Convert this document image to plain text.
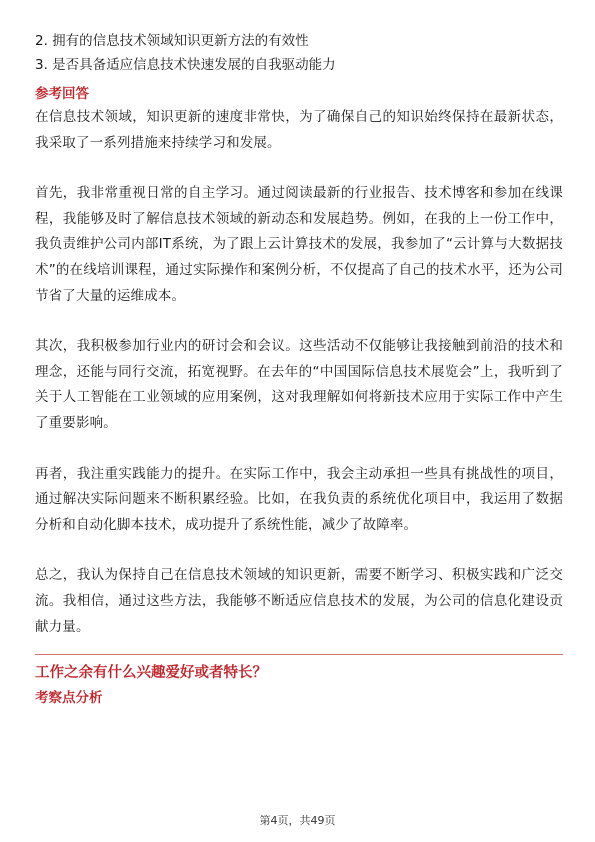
2. 拥有的信息技术领域知识更新方法的有效性

3. 是否具备适应信息技术快速发展的自我驱动能力

参考回答

在信息技术领域，知识更新的速度非常快，为了确保自己的知识始终保持在最新状态，我采取了一系列措施来持续学习和发展。

首先，我非常重视日常的自主学习。通过阅读最新的行业报告、技术博客和参加在线课程，我能够及时了解信息技术领域的新动态和发展趋势。例如，在我的上一份工作中，我负责维护公司内部IT系统，为了跟上云计算技术的发展，我参加了“云计算与大数据技术”的在线培训课程，通过实际操作和案例分析，不仅提高了自己的技术水平，还为公司节省了大量的运维成本。

其次，我积极参加行业内的研讨会和会议。这些活动不仅能够让我接触到前沿的技术和理念，还能与同行交流，拓宽视野。在去年的“中国国际信息技术展览会”上，我听到了关于人工智能在工业领域的应用案例，这对我理解如何将新技术应用于实际工作中产生了重要影响。

再者，我注重实践能力的提升。在实际工作中，我会主动承担一些具有挑战性的项目，通过解决实际问题来不断积累经验。比如，在我负责的系统优化项目中，我运用了数据分析和自动化脚本技术，成功提升了系统性能，减少了故障率。

总之，我认为保持自己在信息技术领域的知识更新，需要不断学习、积极实践和广泛交流。我相信，通过这些方法，我能够不断适应信息技术的发展，为公司的信息化建设贡献力量。

工作之余有什么兴趣爱好或者特长？

考察点分析

第4页，共49页
